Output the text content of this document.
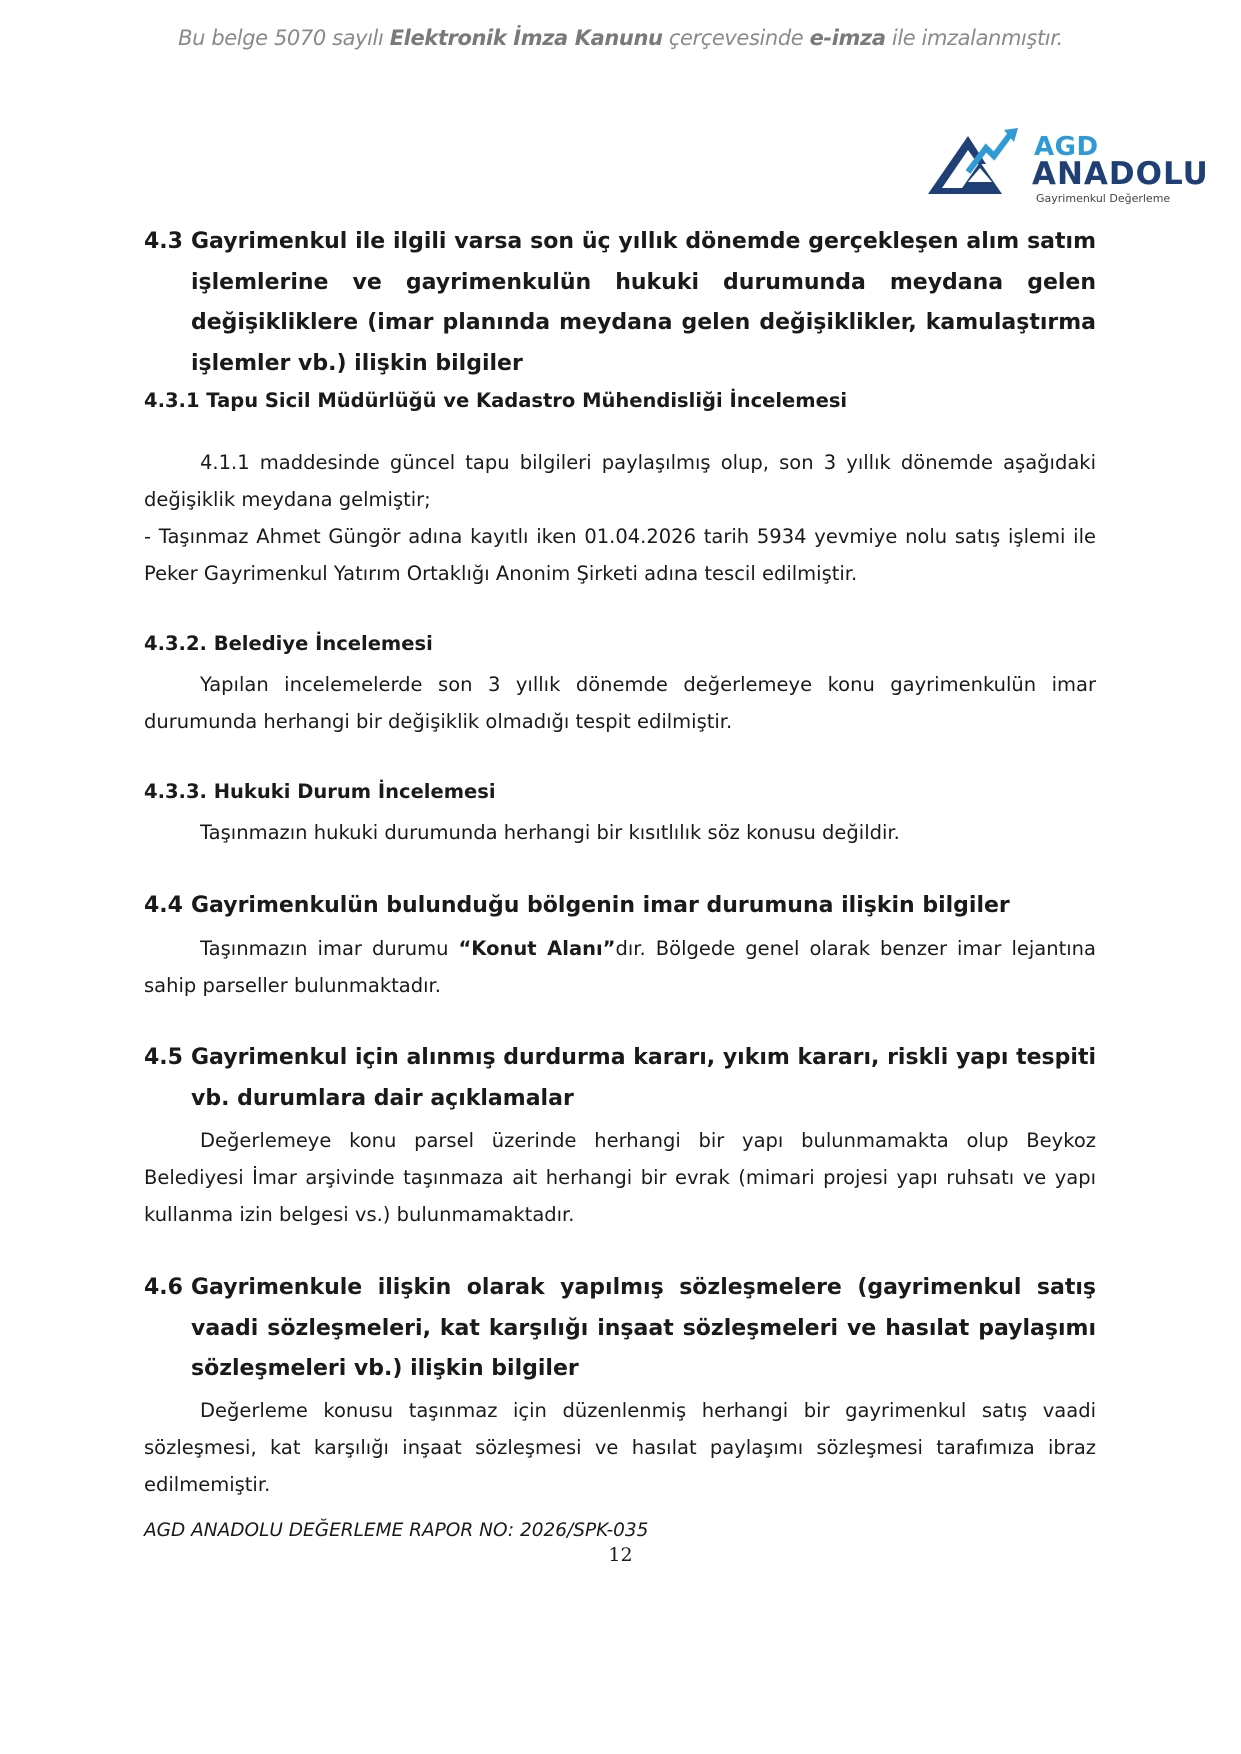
Bu belge 5070 sayılı Elektronik İmza Kanunu çerçevesinde e-imza ile imzalanmıştır.
AGD
ANADOLU
Gayrimenkul Değerleme
4.3 Gayrimenkul ile ilgili varsa son üç yıllık dönemde gerçekleşen alım satım işlemlerine ve gayrimenkulün hukuki durumunda meydana gelen değişikliklere (imar planında meydana gelen değişiklikler, kamulaştırma işlemler vb.) ilişkin bilgiler
4.3.1 Tapu Sicil Müdürlüğü ve Kadastro Mühendisliği İncelemesi
4.1.1 maddesinde güncel tapu bilgileri paylaşılmış olup, son 3 yıllık dönemde aşağıdaki değişiklik meydana gelmiştir;
- Taşınmaz Ahmet Güngör adına kayıtlı iken 01.04.2026 tarih 5934 yevmiye nolu satış işlemi ile Peker Gayrimenkul Yatırım Ortaklığı Anonim Şirketi adına tescil edilmiştir.
4.3.2. Belediye İncelemesi
Yapılan incelemelerde son 3 yıllık dönemde değerlemeye konu gayrimenkulün imar durumunda herhangi bir değişiklik olmadığı tespit edilmiştir.
4.3.3. Hukuki Durum İncelemesi
Taşınmazın hukuki durumunda herhangi bir kısıtlılık söz konusu değildir.
4.4 Gayrimenkulün bulunduğu bölgenin imar durumuna ilişkin bilgiler
Taşınmazın imar durumu “Konut Alanı”dır. Bölgede genel olarak benzer imar lejantına sahip parseller bulunmaktadır.
4.5 Gayrimenkul için alınmış durdurma kararı, yıkım kararı, riskli yapı tespiti vb. durumlara dair açıklamalar
Değerlemeye konu parsel üzerinde herhangi bir yapı bulunmamakta olup Beykoz Belediyesi İmar arşivinde taşınmaza ait herhangi bir evrak (mimari projesi yapı ruhsatı ve yapı kullanma izin belgesi vs.) bulunmamaktadır.
4.6 Gayrimenkule ilişkin olarak yapılmış sözleşmelere (gayrimenkul satış vaadi sözleşmeleri, kat karşılığı inşaat sözleşmeleri ve hasılat paylaşımı sözleşmeleri vb.) ilişkin bilgiler
Değerleme konusu taşınmaz için düzenlenmiş herhangi bir gayrimenkul satış vaadi sözleşmesi, kat karşılığı inşaat sözleşmesi ve hasılat paylaşımı sözleşmesi tarafımıza ibraz edilmemiştir.
AGD ANADOLU DEĞERLEME RAPOR NO: 2026/SPK-035
12
